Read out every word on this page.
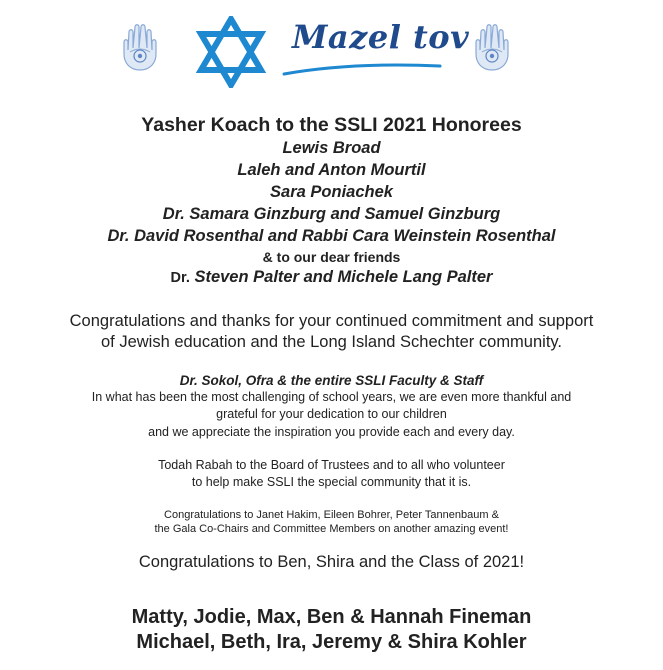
Mazel tov
Yasher Koach to the SSLI 2021 Honorees
Lewis Broad
Laleh and Anton Mourtil
Sara Poniachek
Dr. Samara Ginzburg and Samuel Ginzburg
Dr. David Rosenthal and Rabbi Cara Weinstein Rosenthal
& to our dear friends
Dr. Steven Palter and Michele Lang Palter
Congratulations and thanks for your continued commitment and support
of Jewish education and the Long Island Schechter community.
Dr. Sokol, Ofra & the entire SSLI Faculty & Staff
In what has been the most challenging of school years, we are even more thankful and
grateful for your dedication to our children
and we appreciate the inspiration you provide each and every day.
Todah Rabah to the Board of Trustees and to all who volunteer
to help make SSLI the special community that it is.
Congratulations to Janet Hakim, Eileen Bohrer, Peter Tannenbaum &
the Gala Co-Chairs and Committee Members on another amazing event!
Congratulations to Ben, Shira and the Class of 2021!
Matty, Jodie, Max, Ben & Hannah Fineman
Michael, Beth, Ira, Jeremy & Shira Kohler
